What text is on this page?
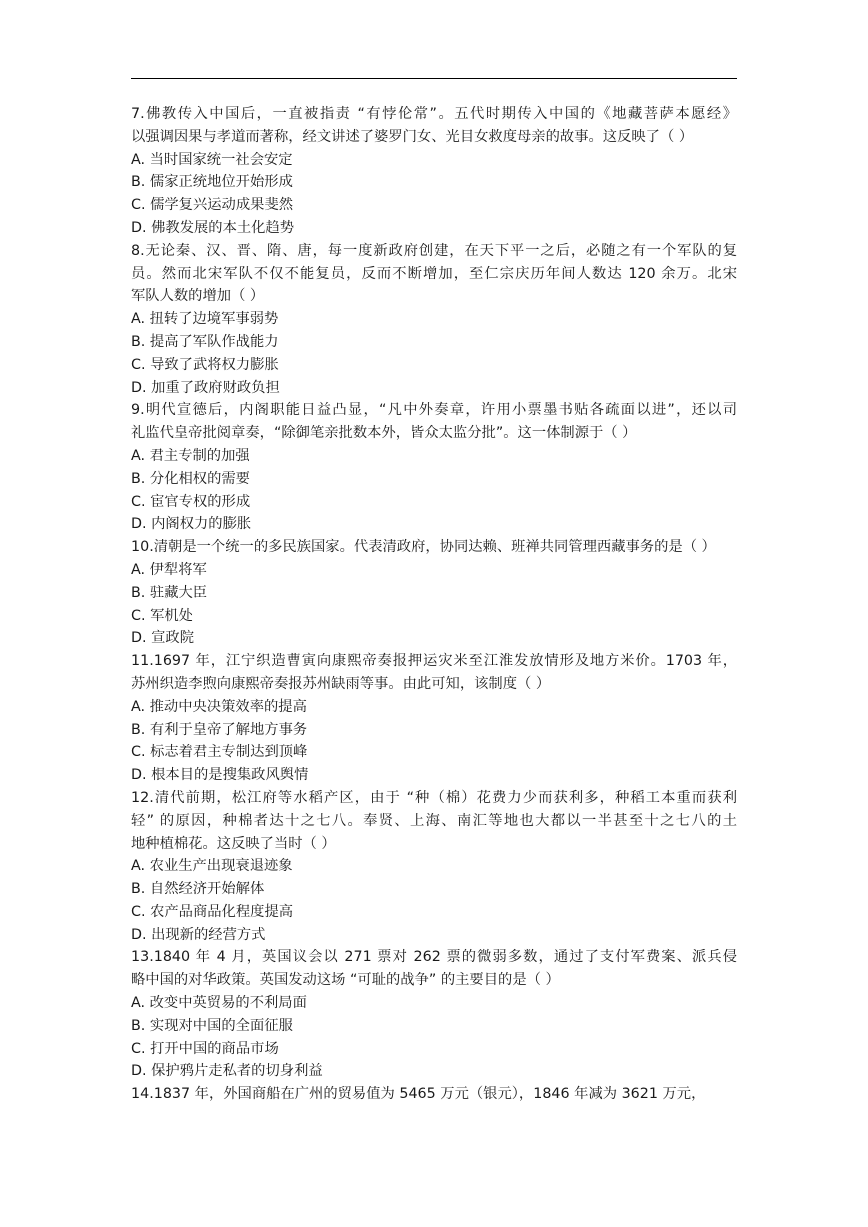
7.佛教传入中国后，一直被指责 “有悖伦常”。五代时期传入中国的《地藏菩萨本愿经》
以强调因果与孝道而著称，经文讲述了婆罗门女、光目女救度母亲的故事。这反映了（ ）
A. 当时国家统一社会安定
B. 儒家正统地位开始形成
C. 儒学复兴运动成果斐然
D. 佛教发展的本土化趋势
8.无论秦、汉、晋、隋、唐，每一度新政府创建，在天下平一之后，必随之有一个军队的复
员。然而北宋军队不仅不能复员，反而不断增加，至仁宗庆历年间人数达 120 余万。北宋
军队人数的增加（ ）
A. 扭转了边境军事弱势
B. 提高了军队作战能力
C. 导致了武将权力膨胀
D. 加重了政府财政负担
9.明代宣德后，内阁职能日益凸显，“凡中外奏章，许用小票墨书贴各疏面以进”，还以司
礼监代皇帝批阅章奏，“除御笔亲批数本外，皆众太监分批”。这一体制源于（ ）
A. 君主专制的加强
B. 分化相权的需要
C. 宦官专权的形成
D. 内阁权力的膨胀
10.清朝是一个统一的多民族国家。代表清政府，协同达赖、班禅共同管理西藏事务的是（ ）
A. 伊犁将军
B. 驻藏大臣
C. 军机处
D. 宣政院
11.1697 年，江宁织造曹寅向康熙帝奏报押运灾米至江淮发放情形及地方米价。1703 年，
苏州织造李煦向康熙帝奏报苏州缺雨等事。由此可知，该制度（ ）
A. 推动中央决策效率的提高
B. 有利于皇帝了解地方事务
C. 标志着君主专制达到顶峰
D. 根本目的是搜集政风舆情
12.清代前期，松江府等水稻产区，由于 “种（棉）花费力少而获利多，种稻工本重而获利
轻” 的原因，种棉者达十之七八。奉贤、上海、南汇等地也大都以一半甚至十之七八的土
地种植棉花。这反映了当时（ ）
A. 农业生产出现衰退迹象
B. 自然经济开始解体
C. 农产品商品化程度提高
D. 出现新的经营方式
13.1840 年 4 月，英国议会以 271 票对 262 票的微弱多数，通过了支付军费案、派兵侵
略中国的对华政策。英国发动这场 “可耻的战争” 的主要目的是（ ）
A. 改变中英贸易的不利局面
B. 实现对中国的全面征服
C. 打开中国的商品市场
D. 保护鸦片走私者的切身利益
14.1837 年，外国商船在广州的贸易值为 5465 万元（银元），1846 年减为 3621 万元，
